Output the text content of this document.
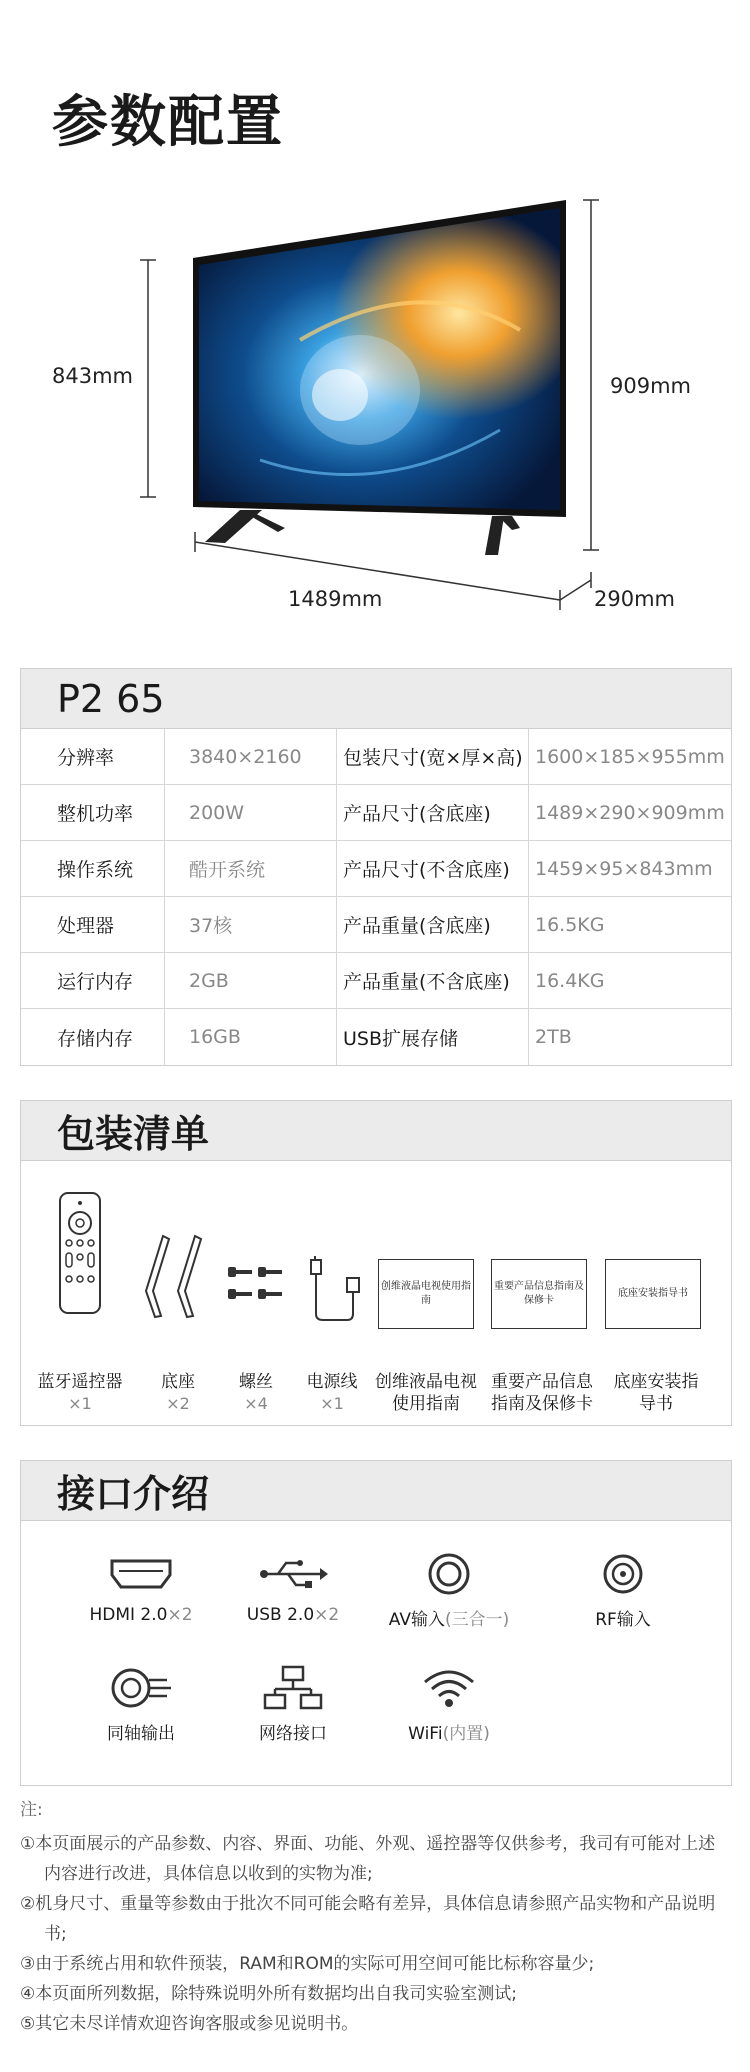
参数配置
843mm	909mm
1489mm	290mm
P2 65
分辨率	3840×2160	包装尺寸(宽×厚×高) 1600×185×955mm
整机功率	200W	产品尺寸(含底座)	1489×290×909mm
操作系统	酷开系统	产品尺寸(不含底座)	1459×95×843mm
处理器	37核	产品重量(含底座)	16.5KG
运行内存	2GB	产品重量(不含底座)	16.4KG
存储内存	16GB	USB扩展存储	2TB
包装清单
创维液晶电视使用指南
重要产品信息指南及保修卡
底座安装指导书
蓝牙遥控器
×1
底座
×2
螺丝
×4
电源线
×1
创维液晶电视使用指南
重要产品信息指南及保修卡
底座安装指导书
接口介绍
HDMI 2.0×2	USB 2.0×2	AV输入(三合一)	RF输入
同轴输出	网络接口	WiFi(内置)
注:
①本页面展示的产品参数、内容、界面、功能、外观、遥控器等仅供参考，我司有可能对上述内容进行改进，具体信息以收到的实物为准;
②机身尺寸、重量等参数由于批次不同可能会略有差异，具体信息请参照产品实物和产品说明书;
③由于系统占用和软件预装，RAM和ROM的实际可用空间可能比标称容量少;
④本页面所列数据，除特殊说明外所有数据均出自我司实验室测试;
⑤其它未尽详情欢迎咨询客服或参见说明书。
